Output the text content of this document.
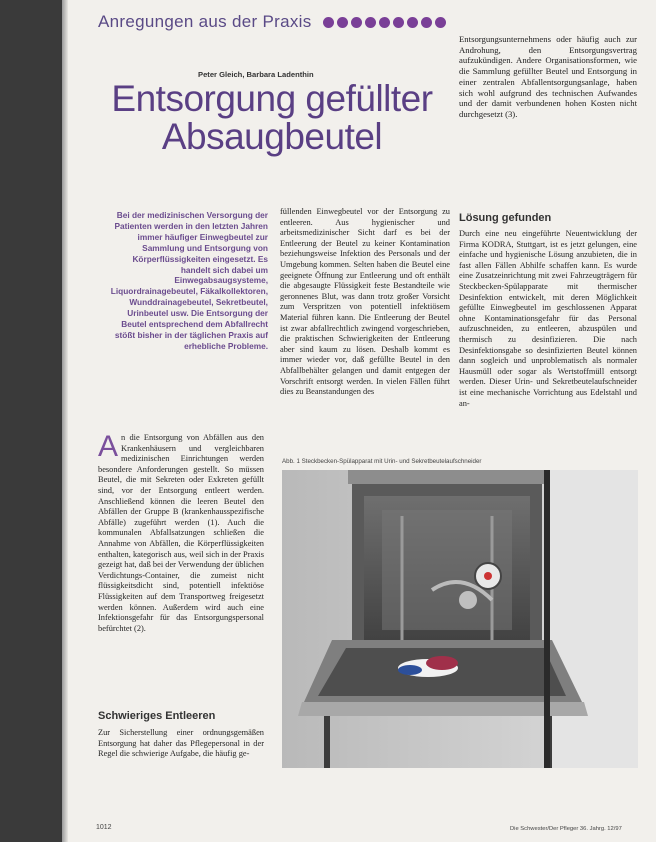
Anregungen aus der Praxis

Entsorgungsunternehmens oder häufig auch zur Androhung, den Entsorgungsvertrag aufzukündigen. Andere Organisationsformen, wie die Sammlung gefüllter Beutel und Entsorgung in einer zentralen Abfallentsorgungsanlage, haben sich wohl aufgrund des technischen Aufwandes und der damit verbundenen hohen Kosten nicht durchgesetzt (3).

Peter Gleich, Barbara Ladenthin
Entsorgung gefüllter Absaugbeutel
Bei der medizinischen Versorgung der Patienten werden in den letzten Jahren immer häufiger Einwegbeutel zur Sammlung und Entsorgung von Körperflüssigkeiten eingesetzt. Es handelt sich dabei um Einwegabsaugsysteme, Liquordrainagebeutel, Fäkalkollektoren, Wunddrainagebeutel, Sekretbeutel, Urinbeutel usw. Die Entsorgung der Beutel entsprechend dem Abfallrecht stößt bisher in der täglichen Praxis auf erhebliche Probleme.
A n die Entsorgung von Abfällen aus den Krankenhäusern und vergleichbaren medizinischen Einrichtungen werden besondere Anforderungen gestellt. So müssen Beutel, die mit Sekreten oder Exkreten gefüllt sind, vor der Entsorgung entleert werden. Anschließend können die leeren Beutel den Abfällen der Gruppe B (krankenhausspezifische Abfälle) zugeführt werden (1). Auch die kommunalen Abfallsatzungen schließen die Annahme von Abfällen, die Körperflüssigkeiten enthalten, kategorisch aus, weil sich in der Praxis gezeigt hat, daß bei der Verwendung der üblichen Verdichtungs-Container, die zumeist nicht flüssigkeitsdicht sind, potentiell infektiöse Flüssigkeiten auf dem Transportweg freigesetzt werden können. Außerdem wird auch eine Infektionsgefahr für das Entsorgungspersonal befürchtet (2).
Schwieriges Entleeren

Zur Sicherstellung einer ordnungsgemäßen Entsorgung hat daher das Pflegepersonal in der Regel die schwierige Aufgabe, die häufig ge-

füllenden Einwegbeutel vor der Entsorgung zu entleeren. Aus hygienischer und arbeitsmedizinischer Sicht darf es bei der Entleerung der Beutel zu keiner Kontamination beziehungsweise Infektion des Personals und der Umgebung kommen. Selten haben die Beutel eine geeignete Öffnung zur Entleerung und oft enthält die abgesaugte Flüssigkeit feste Bestandteile wie geronnenes Blut, was dann trotz großer Vorsicht zum Verspritzen von potentiell infektiösem Material führen kann. Die Entleerung der Beutel ist zwar abfallrechtlich zwingend vorgeschrieben, die praktischen Schwierigkeiten der Entleerung aber sind kaum zu lösen. Deshalb kommt es immer wieder vor, daß gefüllte Beutel in den Abfallbehälter gelangen und damit entgegen der Vorschrift entsorgt werden. In vielen Fällen führt dies zu Beanstandungen des

Lösung gefunden

Durch eine neu eingeführte Neuentwicklung der Firma KODRA, Stuttgart, ist es jetzt gelungen, eine einfache und hygienische Lösung anzubieten, die in fast allen Fällen Abhilfe schaffen kann. Es wurde eine Zusatzeinrichtung mit zwei Fahrzeugträgern für Steckbecken-Spülapparate mit thermischer Desinfektion entwickelt, mit deren Möglichkeit gefüllte Einwegbeutel im geschlossenen Apparat ohne Kontaminationsgefahr für das Personal aufzuschneiden, zu entleeren, abzuspülen und thermisch zu desinfizieren. Die nach Desinfektionsgabe so desinfizierten Beutel können dann sogleich und unproblematisch als normaler Hausmüll oder sogar als Wertstoffmüll entsorgt werden. Dieser Urin- und Sekretbeutelaufschneider ist eine mechanische Vorrichtung aus Edelstahl und an-

Abb. 1 Steckbecken-Spülapparat mit Urin- und Sekretbeutelaufschneider
1012	Die Schwester/Der Pfleger 36. Jahrg. 12/97
